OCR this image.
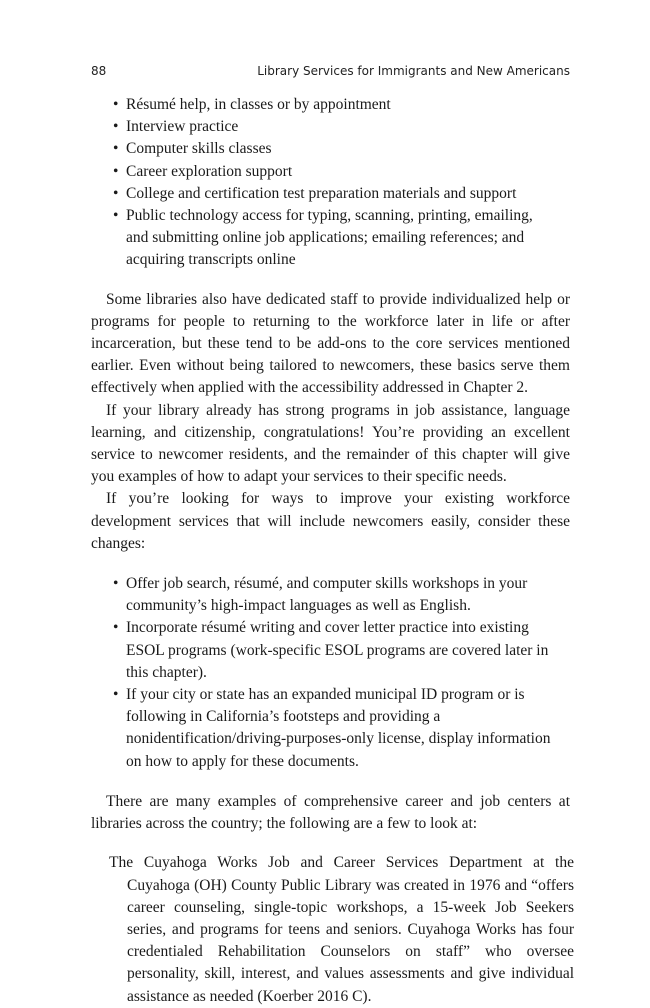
88	Library Services for Immigrants and New Americans
• Résumé help, in classes or by appointment
• Interview practice
• Computer skills classes
• Career exploration support
• College and certification test preparation materials and support
• Public technology access for typing, scanning, printing, emailing, and submitting online job applications; emailing references; and acquiring transcripts online

Some libraries also have dedicated staff to provide individualized help or programs for people to returning to the workforce later in life or after incarceration, but these tend to be add-ons to the core services mentioned earlier. Even without being tailored to newcomers, these basics serve them effectively when applied with the accessibility addressed in Chapter 2.

If your library already has strong programs in job assistance, language learning, and citizenship, congratulations! You’re providing an excellent service to newcomer residents, and the remainder of this chapter will give you examples of how to adapt your services to their specific needs.

If you’re looking for ways to improve your existing workforce development services that will include newcomers easily, consider these changes:

• Offer job search, résumé, and computer skills workshops in your community’s high-impact languages as well as English.
• Incorporate résumé writing and cover letter practice into existing ESOL programs (work-specific ESOL programs are covered later in this chapter).
• If your city or state has an expanded municipal ID program or is following in California’s footsteps and providing a nonidentification/driving-purposes-only license, display information on how to apply for these documents.

There are many examples of comprehensive career and job centers at libraries across the country; the following are a few to look at:

The Cuyahoga Works Job and Career Services Department at the Cuyahoga (OH) County Public Library was created in 1976 and “offers career counseling, single-topic workshops, a 15-week Job Seekers series, and programs for teens and seniors. Cuyahoga Works has four credentialed Rehabilitation Counselors on staff” who oversee personality, skill, interest, and values assessments and give individual assistance as needed (Koerber 2016 C).
